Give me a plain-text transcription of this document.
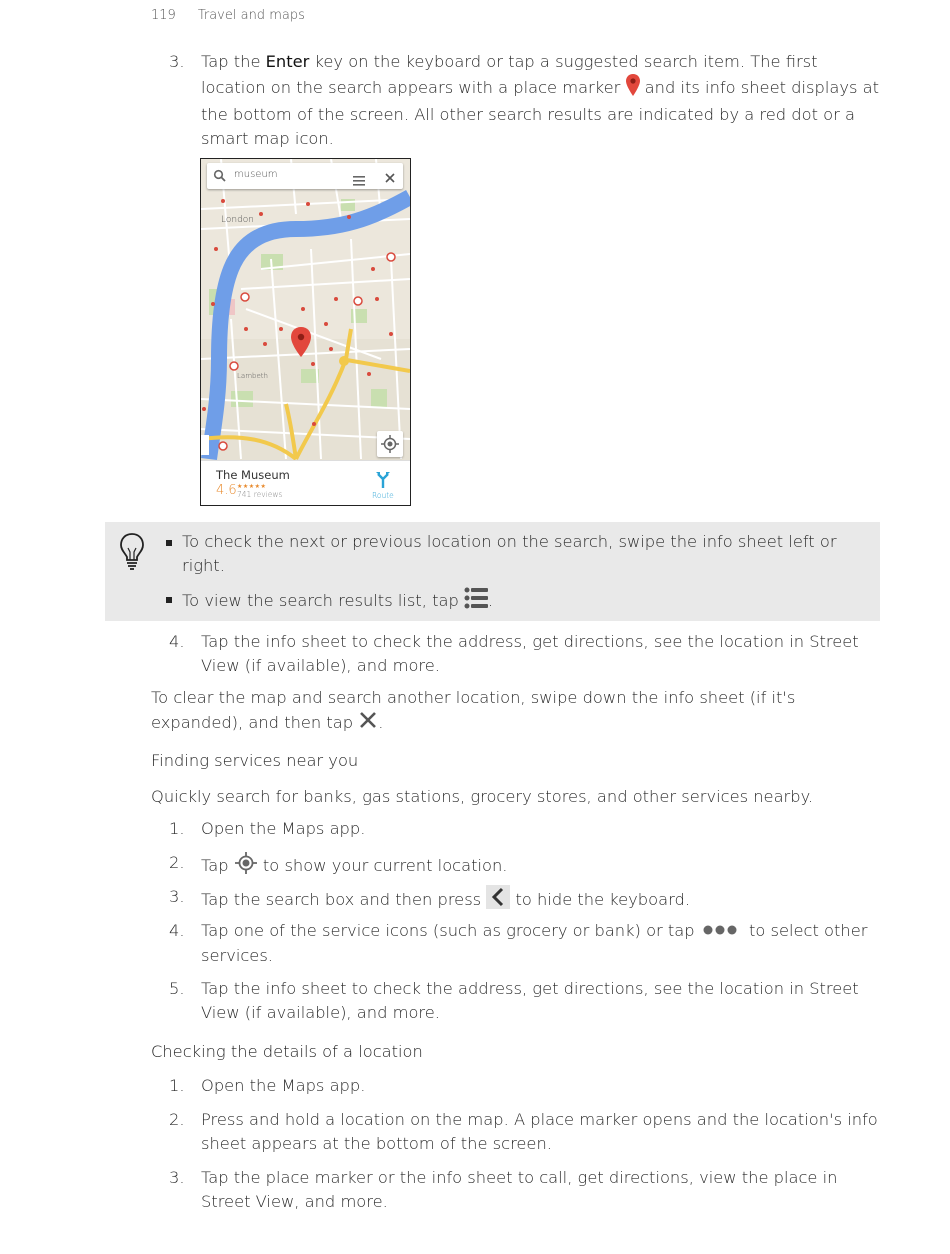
119 Travel and maps
3. Tap the Enter key on the keyboard or tap a suggested search item. The first location on the search appears with a place marker  and its info sheet displays at the bottom of the screen. All other search results are indicated by a red dot or a smart map icon.
London
Lambeth
museum
The Museum
4.6 ★★★★★
741 reviews	Route
To check the next or previous location on the search, swipe the info sheet left or right.
To view the search results list, tap .
4. Tap the info sheet to check the address, get directions, see the location in Street View (if available), and more.
To clear the map and search another location, swipe down the info sheet (if it's expanded), and then tap .
Finding services near you
Quickly search for banks, gas stations, grocery stores, and other services nearby.
1. Open the Maps app.
2. Tap  to show your current location.
3. Tap the search box and then press  to hide the keyboard.
4. Tap one of the service icons (such as grocery or bank) or tap	to select other services.
5. Tap the info sheet to check the address, get directions, see the location in Street View (if available), and more.
Checking the details of a location
1. Open the Maps app.
2. Press and hold a location on the map. A place marker opens and the location's info sheet appears at the bottom of the screen.
3. Tap the place marker or the info sheet to call, get directions, view the place in Street View, and more.
